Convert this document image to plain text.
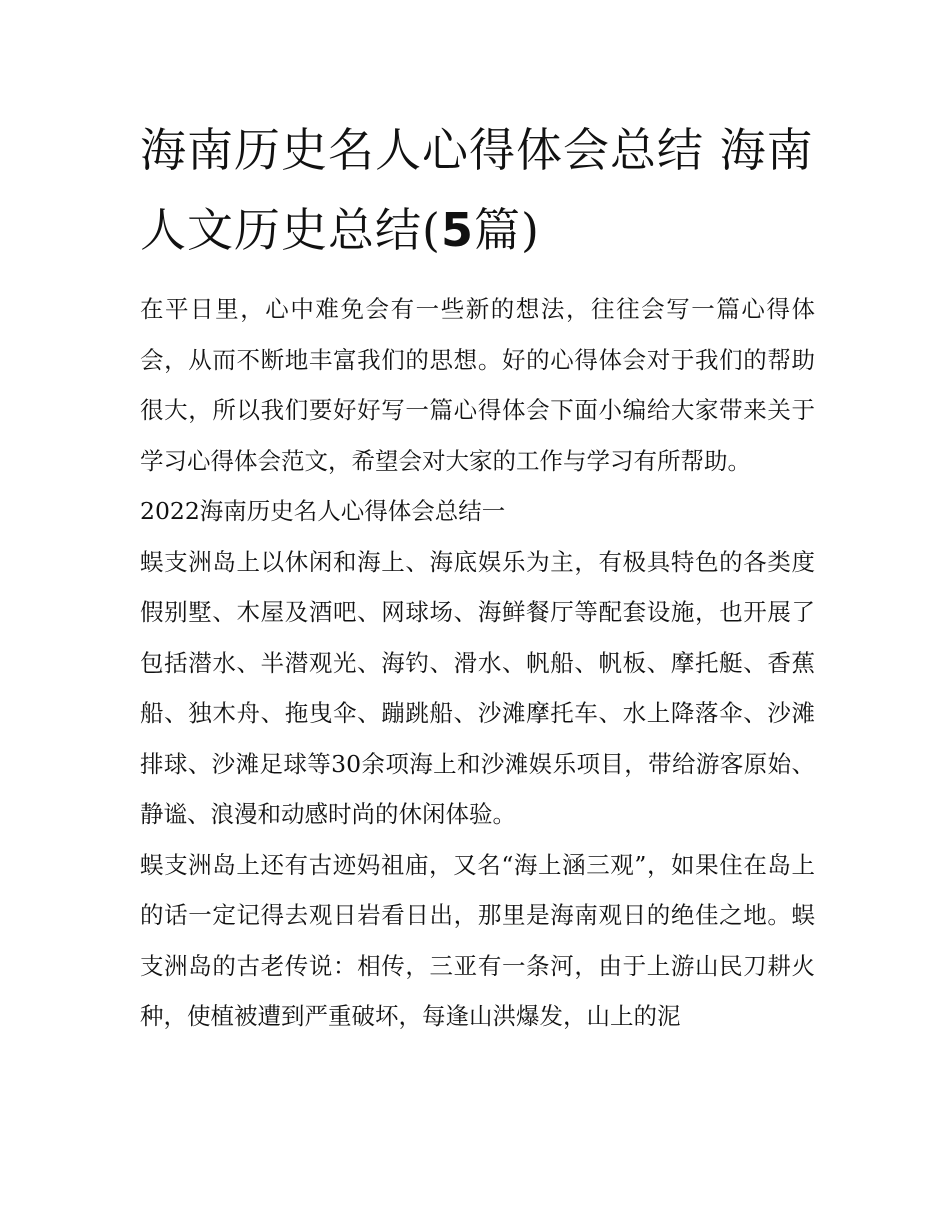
海南历史名人心得体会总结 海南人文历史总结(5篇)

在平日里，心中难免会有一些新的想法，往往会写一篇心得体会，从而不断地丰富我们的思想。好的心得体会对于我们的帮助很大，所以我们要好好写一篇心得体会下面小编给大家带来关于学习心得体会范文，希望会对大家的工作与学习有所帮助。

2022海南历史名人心得体会总结一

蜈支洲岛上以休闲和海上、海底娱乐为主，有极具特色的各类度假别墅、木屋及酒吧、网球场、海鲜餐厅等配套设施，也开展了包括潜水、半潜观光、海钓、滑水、帆船、帆板、摩托艇、香蕉船、独木舟、拖曳伞、蹦跳船、沙滩摩托车、水上降落伞、沙滩排球、沙滩足球等30余项海上和沙滩娱乐项目，带给游客原始、静谧、浪漫和动感时尚的休闲体验。

蜈支洲岛上还有古迹妈祖庙，又名“海上涵三观”，如果住在岛上的话一定记得去观日岩看日出，那里是海南观日的绝佳之地。蜈支洲岛的古老传说：相传，三亚有一条河，由于上游山民刀耕火种，使植被遭到严重破坏，每逢山洪爆发，山上的泥
